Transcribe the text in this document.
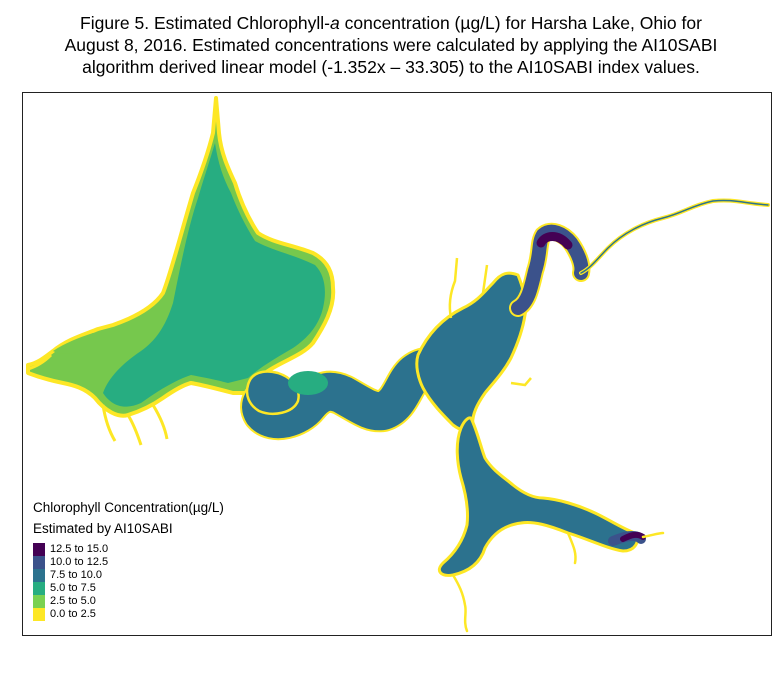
Figure 5. Estimated Chlorophyll-a concentration (µg/L) for Harsha Lake, Ohio for
August 8, 2016. Estimated concentrations were calculated by applying the AI10SABI
algorithm derived linear model (-1.352x – 33.305) to the AI10SABI index values.
Chlorophyll Concentration(µg/L)
Estimated by AI10SABI
12.5 to 15.0
10.0 to 12.5
7.5 to 10.0
5.0 to 7.5
2.5 to 5.0
0.0 to 2.5
